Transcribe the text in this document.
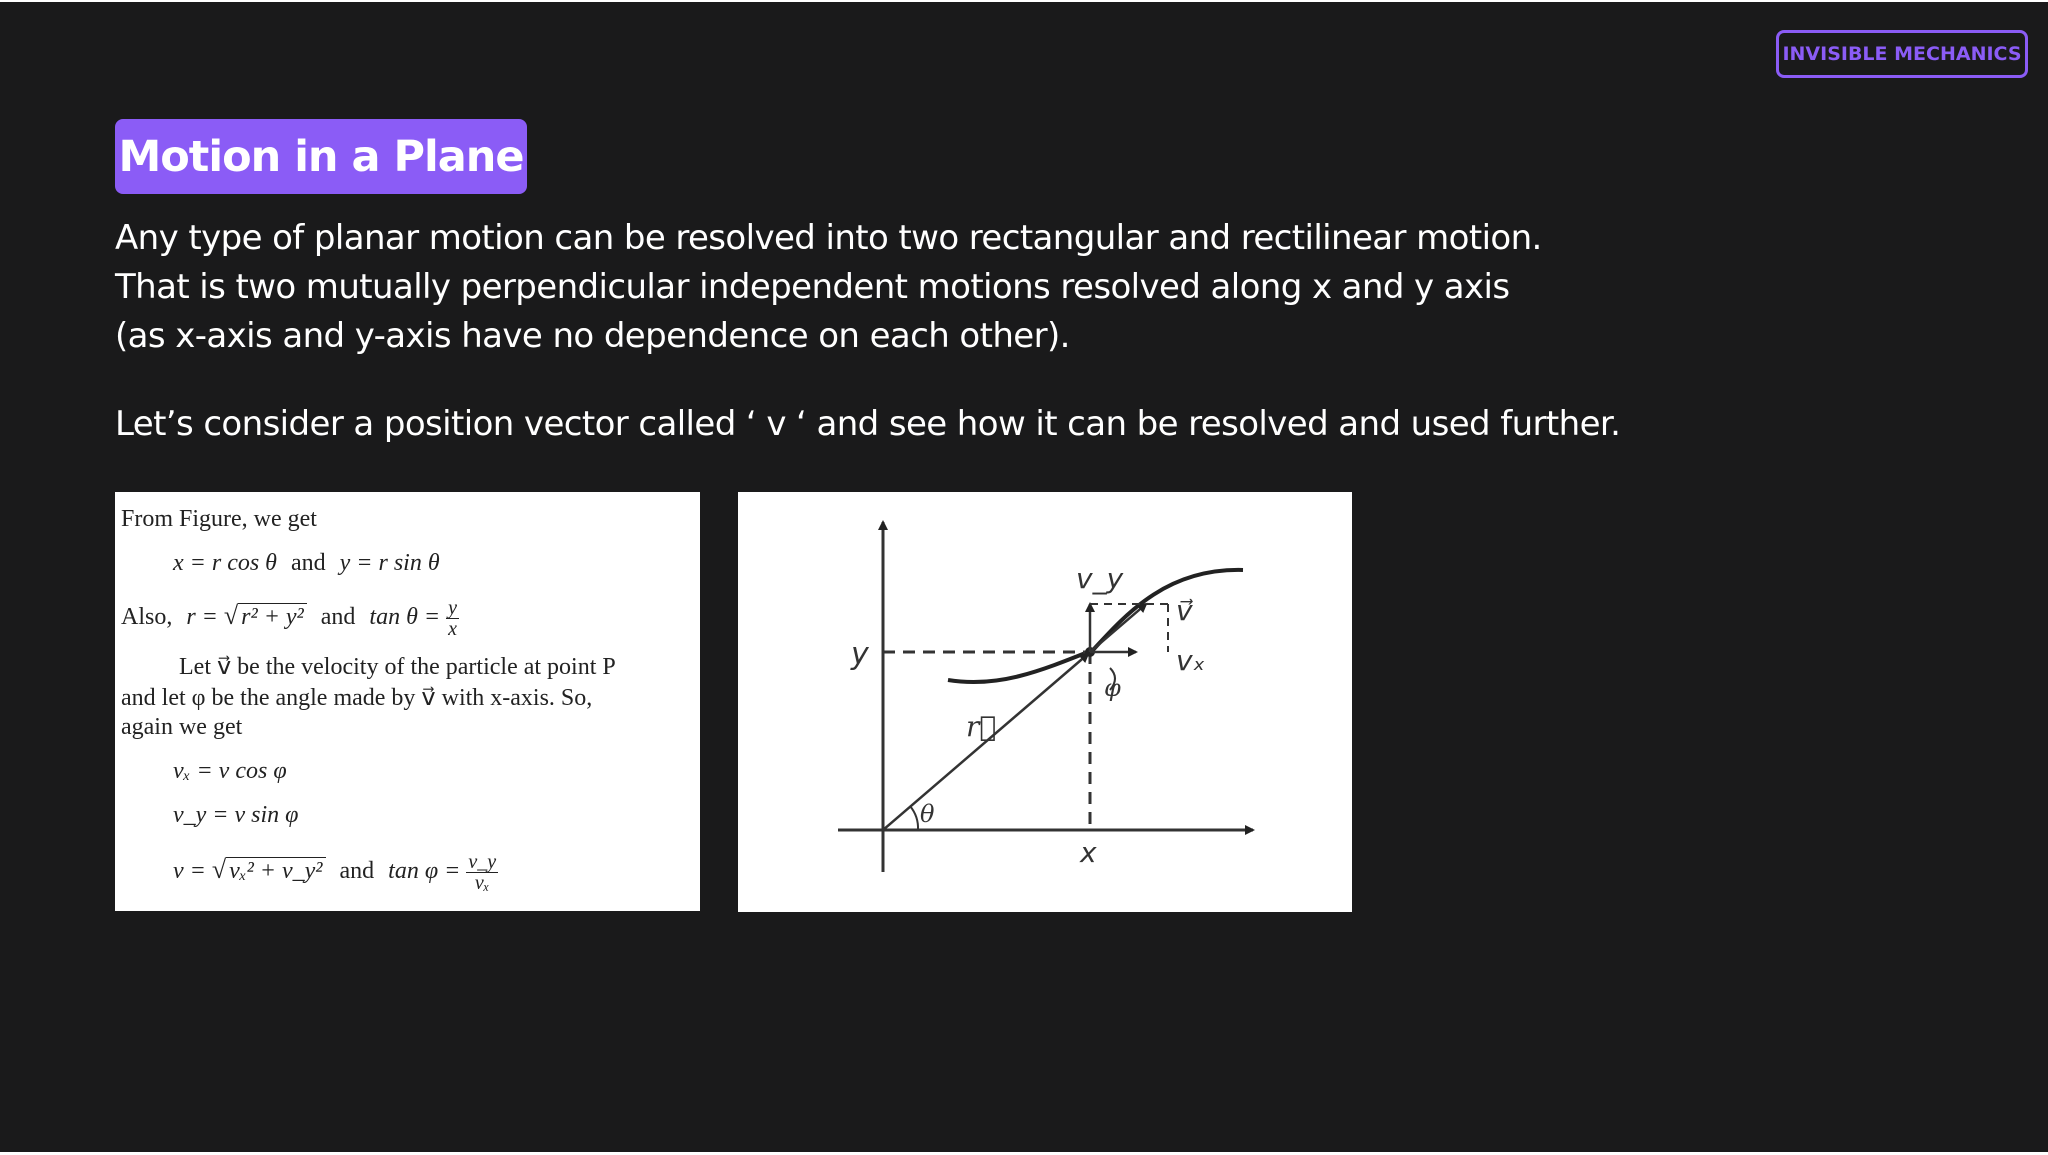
INVISIBLE MECHANICS
Motion in a Plane
Any type of planar motion can be resolved into two rectangular and rectilinear motion.
That is two mutually perpendicular independent motions resolved along x and y axis
(as x-axis and y-axis have no dependence on each other).
Let’s consider a position vector called ‘ v ‘ and see how it can be resolved and used further.
From Figure, we get
x = r cos θ and y = r sin θ
Also, r = √ r² + y² and $\tan \theta = \frac{y}{x}$
Let v⃗ be the velocity of the particle at point P
and let φ be the angle made by v⃗ with x-axis. So,
again we get
vₓ = v cos φ
v_y = v sin φ
v = √ vₓ² + v_y² and $\tan \varphi = \frac{v\_y}{\text{vₓ}}$
y
x
r⃗
θ
φ
v⃗
vₓ
v_y
